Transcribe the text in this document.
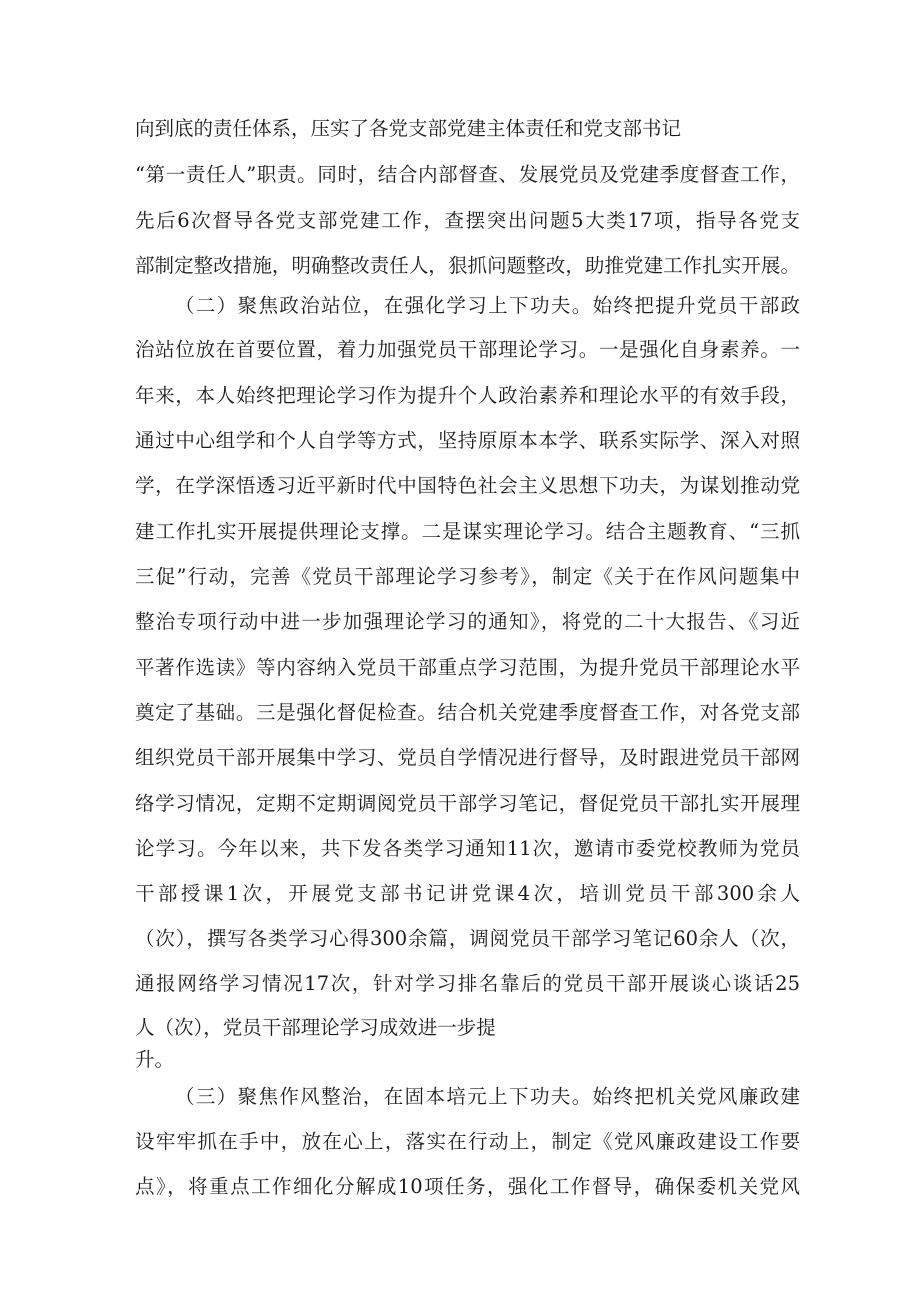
向到底的责任体系，压实了各党支部党建主体责任和党支部书记
“第一责任人”职责。同时，结合内部督查、发展党员及党建季度督查工作，
先后6次督导各党支部党建工作，查摆突出问题5大类17项，指导各党支
部制定整改措施，明确整改责任人，狠抓问题整改，助推党建工作扎实开展。
（二）聚焦政治站位，在强化学习上下功夫。始终把提升党员干部政
治站位放在首要位置，着力加强党员干部理论学习。一是强化自身素养。一
年来，本人始终把理论学习作为提升个人政治素养和理论水平的有效手段，
通过中心组学和个人自学等方式，坚持原原本本学、联系实际学、深入对照
学，在学深悟透习近平新时代中国特色社会主义思想下功夫，为谋划推动党
建工作扎实开展提供理论支撑。二是谋实理论学习。结合主题教育、“三抓
三促”行动，完善《党员干部理论学习参考》，制定《关于在作风问题集中
整治专项行动中进一步加强理论学习的通知》，将党的二十大报告、《习近
平著作选读》等内容纳入党员干部重点学习范围，为提升党员干部理论水平
奠定了基础。三是强化督促检查。结合机关党建季度督查工作，对各党支部
组织党员干部开展集中学习、党员自学情况进行督导，及时跟进党员干部网
络学习情况，定期不定期调阅党员干部学习笔记，督促党员干部扎实开展理
论学习。今年以来，共下发各类学习通知11次，邀请市委党校教师为党员
干部授课1次，开展党支部书记讲党课4次，培训党员干部300余人
（次），撰写各类学习心得300余篇，调阅党员干部学习笔记60余人（次，
通报网络学习情况17次，针对学习排名靠后的党员干部开展谈心谈话25
人（次），党员干部理论学习成效进一步提
升。
（三）聚焦作风整治，在固本培元上下功夫。始终把机关党风廉政建
设牢牢抓在手中，放在心上，落实在行动上，制定《党风廉政建设工作要
点》，将重点工作细化分解成10项任务，强化工作督导，确保委机关党风
